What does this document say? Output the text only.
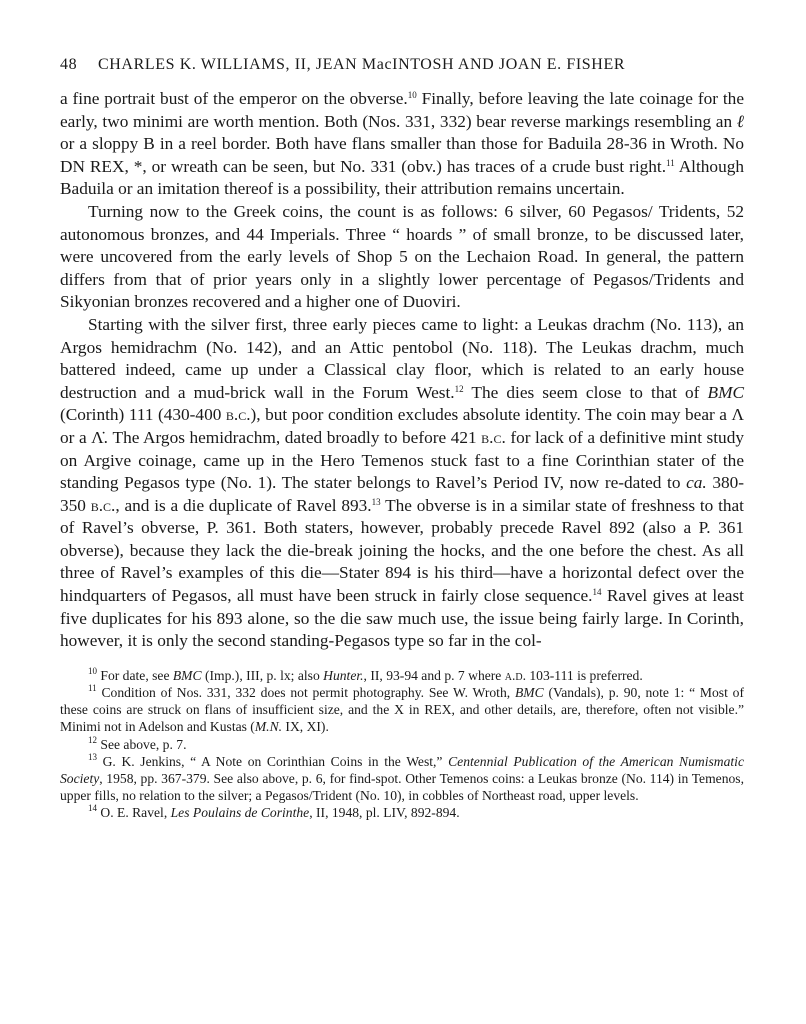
48	CHARLES K. WILLIAMS, II, JEAN MacINTOSH AND JOAN E. FISHER

a fine portrait bust of the emperor on the obverse.$^{10}$ Finally, before leaving the late coinage for the early, two minimi are worth mention. Both (Nos. 331, 332) bear reverse markings resembling an ℓ or a sloppy B in a reel border. Both have flans smaller than those for Baduila 28-36 in Wroth. No DN REX, *, or wreath can be seen, but No. 331 (obv.) has traces of a crude bust right.$^{11}$ Although Baduila or an imitation thereof is a possibility, their attribution remains uncertain.

Turning now to the Greek coins, the count is as follows: 6 silver, 60 Pegasos/ Tridents, 52 autonomous bronzes, and 44 Imperials. Three “ hoards ” of small bronze, to be discussed later, were uncovered from the early levels of Shop 5 on the Lechaion Road. In general, the pattern differs from that of prior years only in a slightly lower percentage of Pegasos/Tridents and Sikyonian bronzes recovered and a higher one of Duoviri.

Starting with the silver first, three early pieces came to light: a Leukas drachm (No. 113), an Argos hemidrachm (No. 142), and an Attic pentobol (No. 118). The Leukas drachm, much battered indeed, came up under a Classical clay floor, which is related to an early house destruction and a mud-brick wall in the Forum West.$^{12}$ The dies seem close to that of BMC (Corinth) 111 (430-400 b.c.), but poor condition excludes absolute identity. The coin may bear a Λ or a Λ̇. The Argos hemidrachm, dated broadly to before 421 b.c. for lack of a definitive mint study on Argive coinage, came up in the Hero Temenos stuck fast to a fine Corinthian stater of the standing Pegasos type (No. 1). The stater belongs to Ravel’s Period IV, now re-dated to ca. 380-350 b.c., and is a die duplicate of Ravel 893.13 The obverse is in a similar state of freshness to that of Ravel’s obverse, P. 361. Both staters, however, probably precede Ravel 892 (also a P. 361 obverse), because they lack the die-break joining the hocks, and the one before the chest. As all three of Ravel’s examples of this die—Stater 894 is his third—have a horizontal defect over the hindquarters of Pegasos, all must have been struck in fairly close sequence.$^{14}$ Ravel gives at least five duplicates for his 893 alone, so the die saw much use, the issue being fairly large. In Corinth, however, it is only the second standing-Pegasos type so far in the col-

$^{10}$ For date, see BMC (Imp.), III, p. lx; also Hunter., II, 93-94 and p. 7 where a.d. 103-111 is preferred.

$^{11}$ Condition of Nos. 331, 332 does not permit photography. See W. Wroth, BMC (Vandals), p. 90, note 1: “ Most of these coins are struck on flans of insufficient size, and the X in REX, and other details, are, therefore, often not visible.” Minimi not in Adelson and Kustas (M.N. IX, XI).

$^{12}$ See above, p. 7.

$^{13}$ G. K. Jenkins, “ A Note on Corinthian Coins in the West,” Centennial Publication of the American Numismatic Society, 1958, pp. 367-379. See also above, p. 6, for find-spot. Other Temenos coins: a Leukas bronze (No. 114) in Temenos, upper fills, no relation to the silver; a Pegasos/Trident (No. 10), in cobbles of Northeast road, upper levels.

$^{14}$ O. E. Ravel, Les Poulains de Corinthe, II, 1948, pl. LIV, 892-894.
